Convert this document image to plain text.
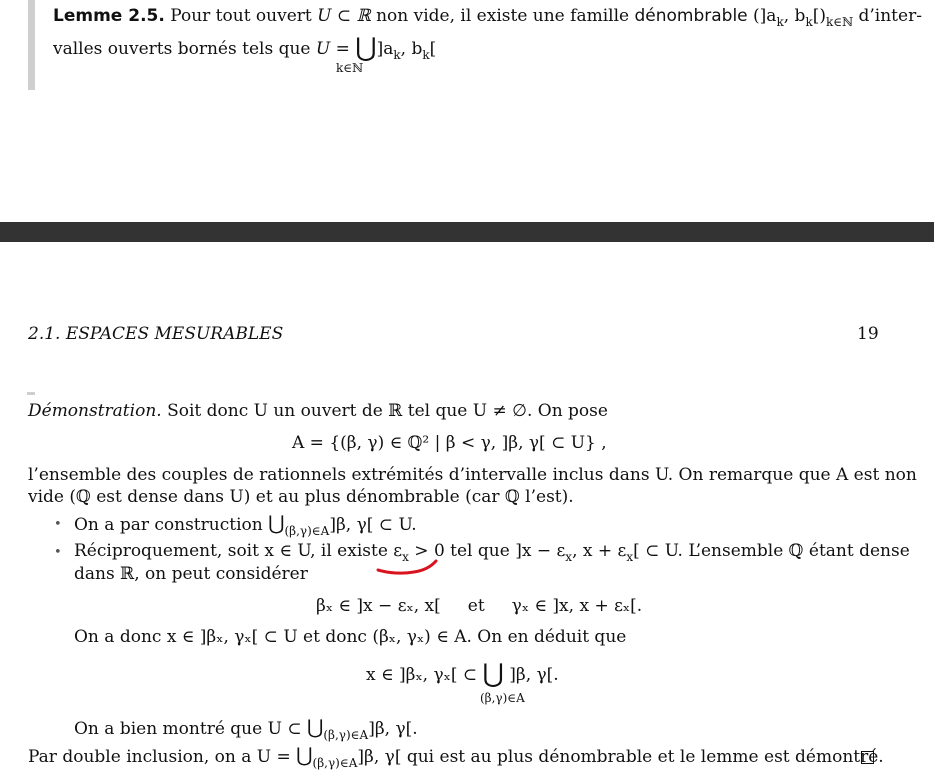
Lemme 2.5. Pour tout ouvert U ⊂ ℝ non vide, il existe une famille dénombrable $(]a_k$, $b_k[)_{k\in ℕ}$ d’inter-
valles ouverts bornés tels que $U = ⋃]a_k$, $b_k$[
k∈ℕ
2.1. ESPACES MESURABLES	19
Démonstration. Soit donc U un ouvert de ℝ tel que U ≠ ∅. On pose
A = {(β, γ) ∈ ℚ² | β < γ, ]β, γ[ ⊂ U} ,
l’ensemble des couples de rationnels extrémités d’intervalle inclus dans U. On remarque que A est non
vide (ℚ est dense dans U) et au plus dénombrable (car ℚ l’est).
• On a par construction $⋃_{(\beta,\gamma)\in A}]\beta$, γ[ ⊂ U.
• Réciproquement, soit x ∈ U, il existe $\varepsilon_x > 0$ tel que ]$x - \varepsilon_x$, $x + \varepsilon_x$[ ⊂ U. L’ensemble ℚ étant dense
dans ℝ, on peut considérer
βₓ ∈ ]x − εₓ, x[     et     γₓ ∈ ]x, x + εₓ[.
On a donc x ∈ ]βₓ, γₓ[ ⊂ U et donc (βₓ, γₓ) ∈ A. On en déduit que
x ∈ ]βₓ, γₓ[ ⊂ ⋃ ]β, γ[.
(β,γ)∈A
On a bien montré que U ⊂ $⋃_{(\beta,\gamma)\in A}]\beta$, γ[.
Par double inclusion, on a $U = ⋃_{(\beta,\gamma)\in A}]\beta$, γ[ qui est au plus dénombrable et le lemme est démontré.
